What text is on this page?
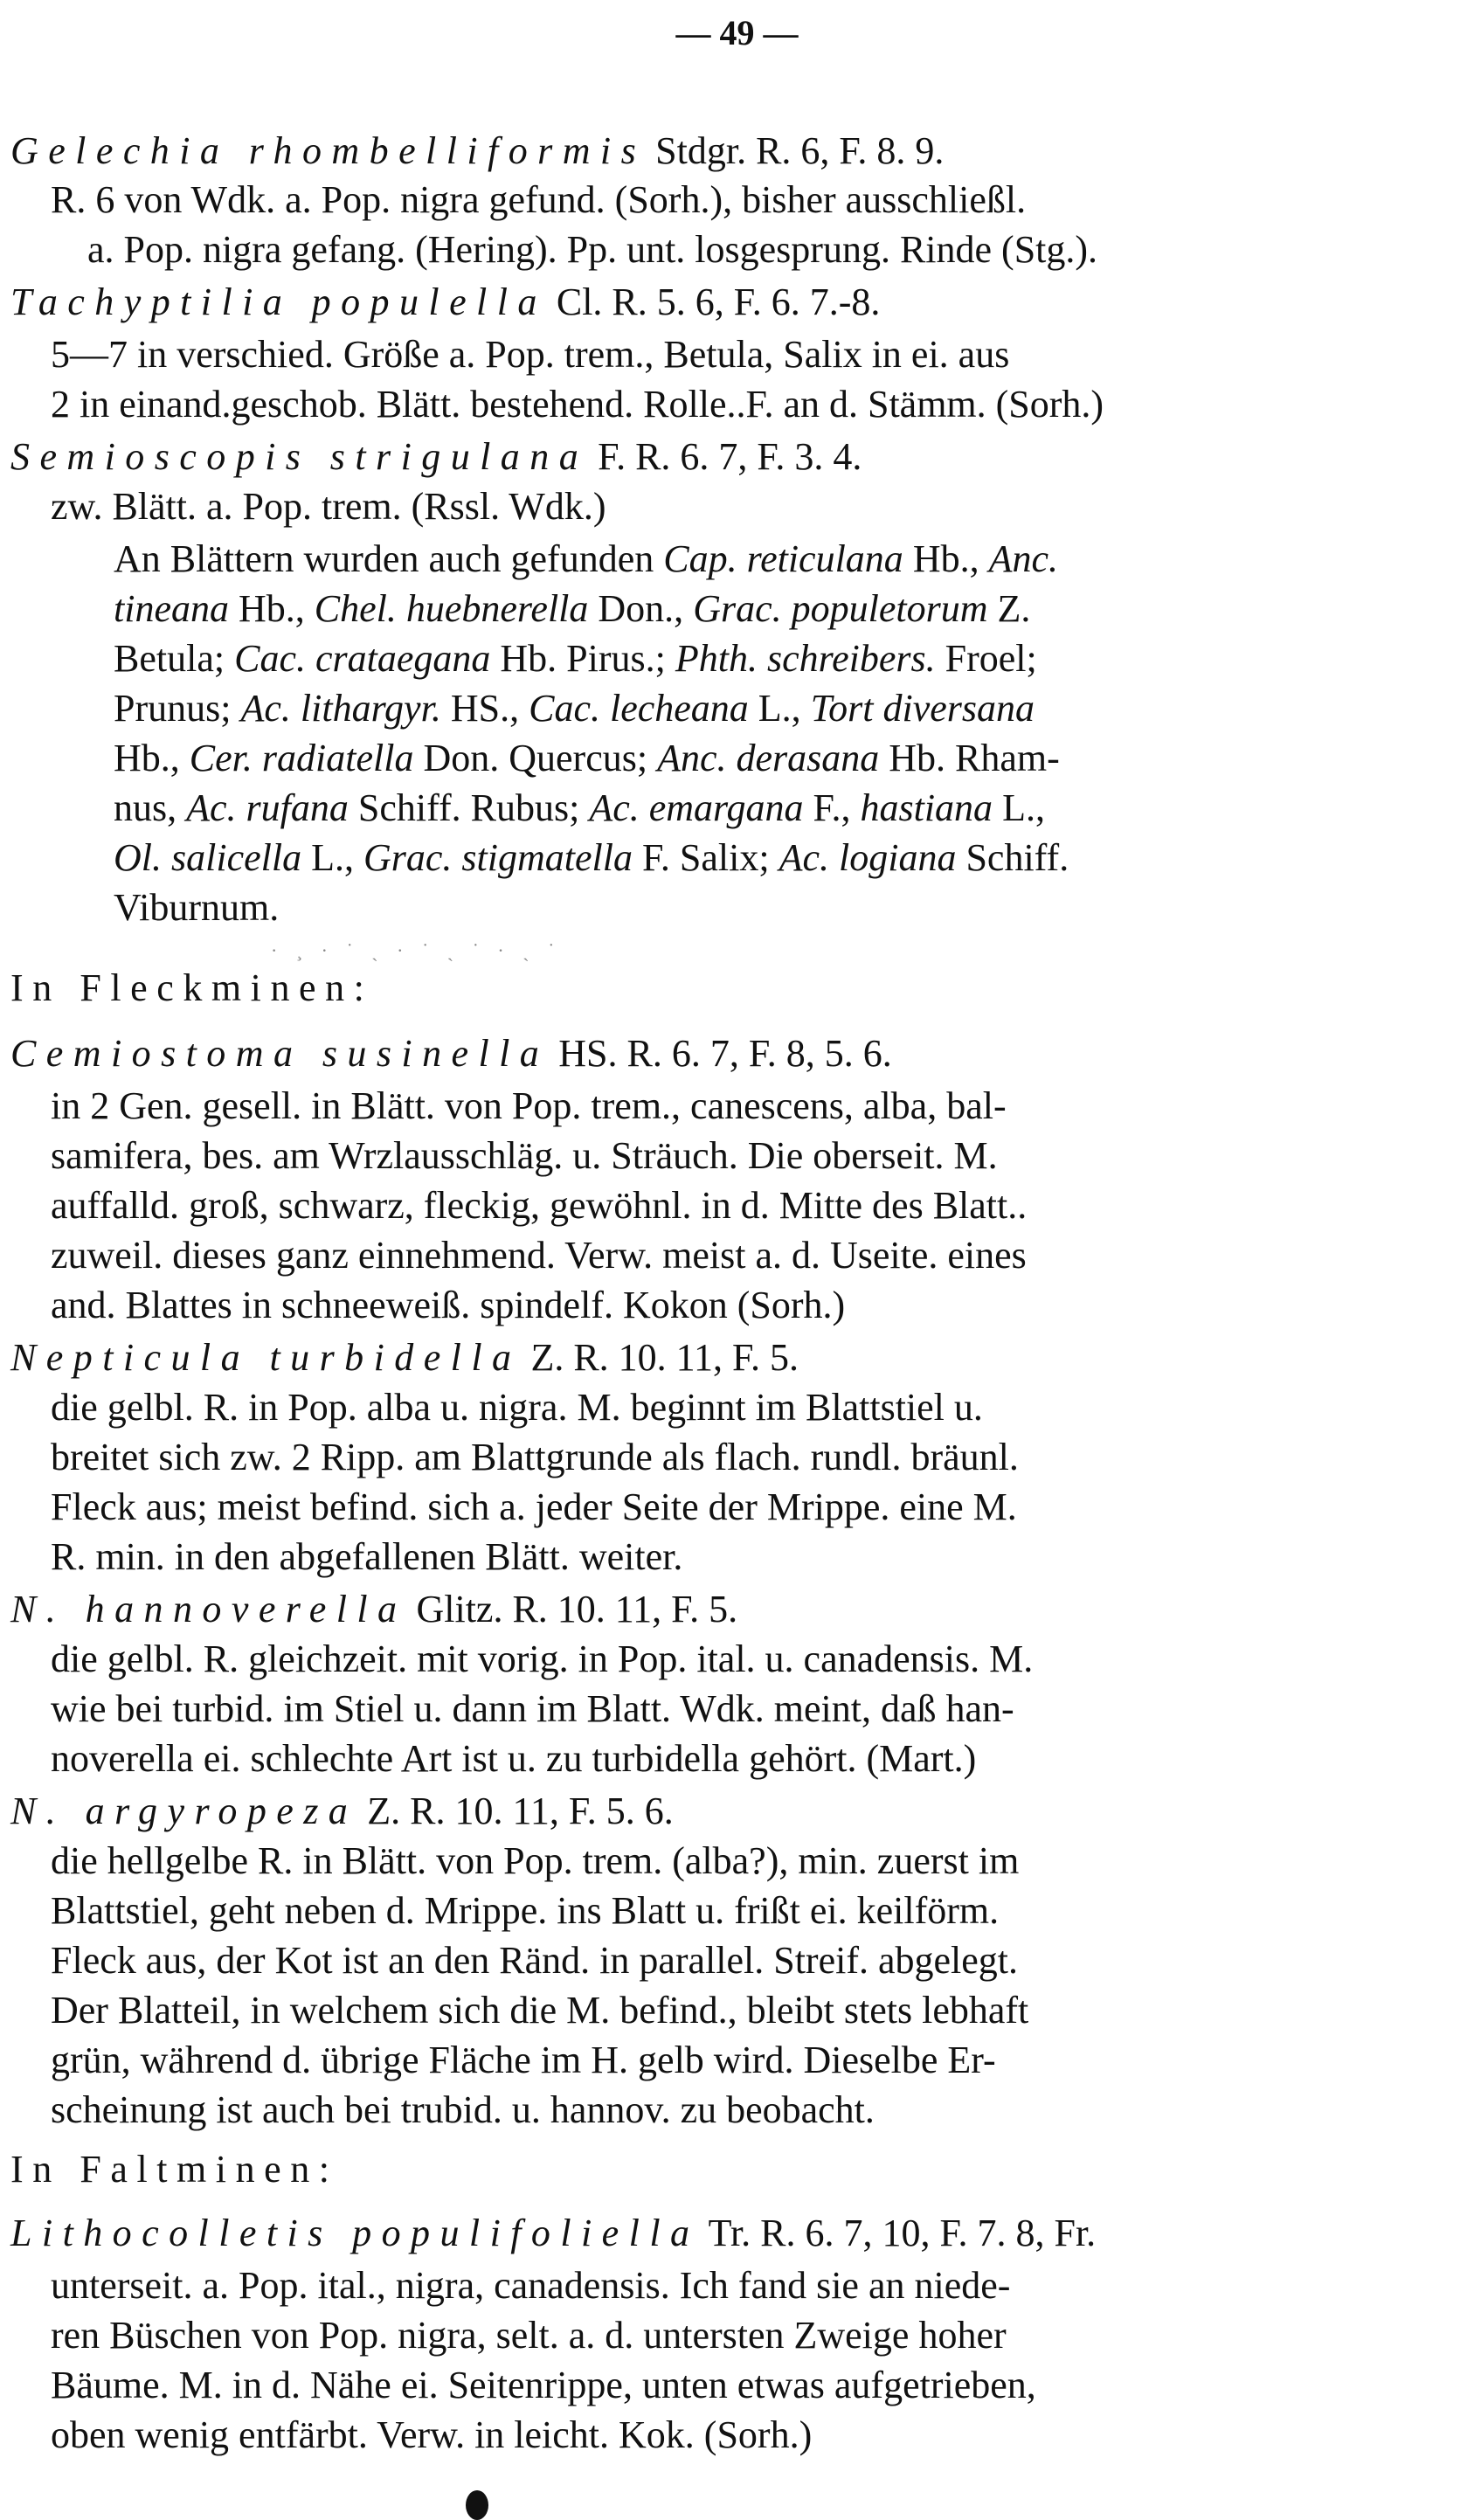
— 49 —
Gelechia rhombelliformis Stdgr. R. 6, F. 8. 9.
R. 6 von Wdk. a. Pop. nigra gefund. (Sorh.), bisher ausschließl.
a. Pop. nigra gefang. (Hering). Pp. unt. losgesprung. Rinde (Stg.).
Tachyptilia populella Cl. R. 5. 6, F. 6. 7.-8.
5—7 in verschied. Größe a. Pop. trem., Betula, Salix in ei. aus
2 in einand.geschob. Blätt. bestehend. Rolle..F. an d. Stämm. (Sorh.)
Semioscopis strigulana F. R. 6. 7, F. 3. 4.
zw. Blätt. a. Pop. trem. (Rssl. Wdk.)
An Blättern wurden auch gefunden Cap. reticulana Hb., Anc.
tineana Hb., Chel. huebnerella Don., Grac. populetorum Z.
Betula; Cac. crataegana Hb. Pirus.; Phth. schreibers. Froel;
Prunus; Ac. lithargyr. HS., Cac. lecheana L., Tort diversana
Hb., Cer. radiatella Don. Quercus; Anc. derasana Hb. Rham-
nus, Ac. rufana Schiff. Rubus; Ac. emargana F., hastiana L.,
Ol. salicella L., Grac. stigmatella F. Salix; Ac. logiana Schiff.
Viburnum.
In Fleckminen:
Cemiostoma susinella HS. R. 6. 7, F. 8, 5. 6.
in 2 Gen. gesell. in Blätt. von Pop. trem., canescens, alba, bal-
samifera, bes. am Wrzlausschläg. u. Sträuch. Die oberseit. M.
auffalld. groß, schwarz, fleckig, gewöhnl. in d. Mitte des Blatt..
zuweil. dieses ganz einnehmend. Verw. meist a. d. Useite. eines
and. Blattes in schneeweiß. spindelf. Kokon (Sorh.)
Nepticula turbidella Z. R. 10. 11, F. 5.
die gelbl. R. in Pop. alba u. nigra. M. beginnt im Blattstiel u.
breitet sich zw. 2 Ripp. am Blattgrunde als flach. rundl. bräunl.
Fleck aus; meist befind. sich a. jeder Seite der Mrippe. eine M.
R. min. in den abgefallenen Blätt. weiter.
N. hannoverella Glitz. R. 10. 11, F. 5.
die gelbl. R. gleichzeit. mit vorig. in Pop. ital. u. canadensis. M.
wie bei turbid. im Stiel u. dann im Blatt. Wdk. meint, daß han-
noverella ei. schlechte Art ist u. zu turbidella gehört. (Mart.)
N. argyropeza Z. R. 10. 11, F. 5. 6.
die hellgelbe R. in Blätt. von Pop. trem. (alba?), min. zuerst im
Blattstiel, geht neben d. Mrippe. ins Blatt u. frißt ei. keilförm.
Fleck aus, der Kot ist an den Ränd. in parallel. Streif. abgelegt.
Der Blatteil, in welchem sich die M. befind., bleibt stets lebhaft
grün, während d. übrige Fläche im H. gelb wird. Dieselbe Er-
scheinung ist auch bei trubid. u. hannov. zu beobacht.
In Faltminen:
Lithocolletis populifoliella Tr. R. 6. 7, 10, F. 7. 8, Fr.
unterseit. a. Pop. ital., nigra, canadensis. Ich fand sie an niede-
ren Büschen von Pop. nigra, selt. a. d. untersten Zweige hoher
Bäume. M. in d. Nähe ei. Seitenrippe, unten etwas aufgetrieben,
oben wenig entfärbt. Verw. in leicht. Kok. (Sorh.)
· ¸ · ˙ ˏ · ˙ ˏ ˙ · ˏ ˙
